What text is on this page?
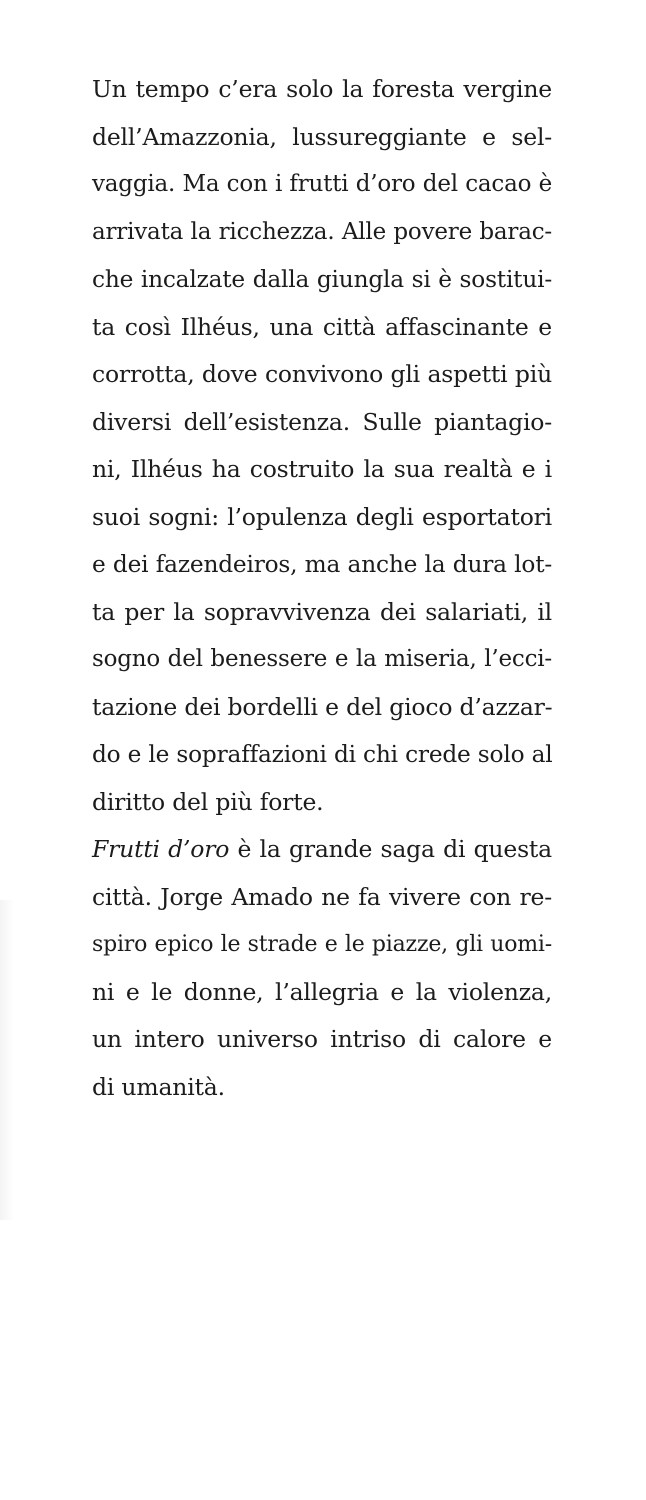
Un tempo c’era solo la foresta vergine
dell’Amazzonia, lussureggiante e sel-
vaggia. Ma con i frutti d’oro del cacao è
arrivata la ricchezza. Alle povere barac-
che incalzate dalla giungla si è sostitui-
ta così Ilhéus, una città affascinante e
corrotta, dove convivono gli aspetti più
diversi dell’esistenza. Sulle piantagio-
ni, Ilhéus ha costruito la sua realtà e i
suoi sogni: l’opulenza degli esportatori
e dei fazendeiros, ma anche la dura lot-
ta per la sopravvivenza dei salariati, il
sogno del benessere e la miseria, l’ecci-
tazione dei bordelli e del gioco d’azzar-
do e le sopraffazioni di chi crede solo al
diritto del più forte.
Frutti d’oro è la grande saga di questa
città. Jorge Amado ne fa vivere con re-
spiro epico le strade e le piazze, gli uomi-
ni e le donne, l’allegria e la violenza,
un intero universo intriso di calore e
di umanità.
